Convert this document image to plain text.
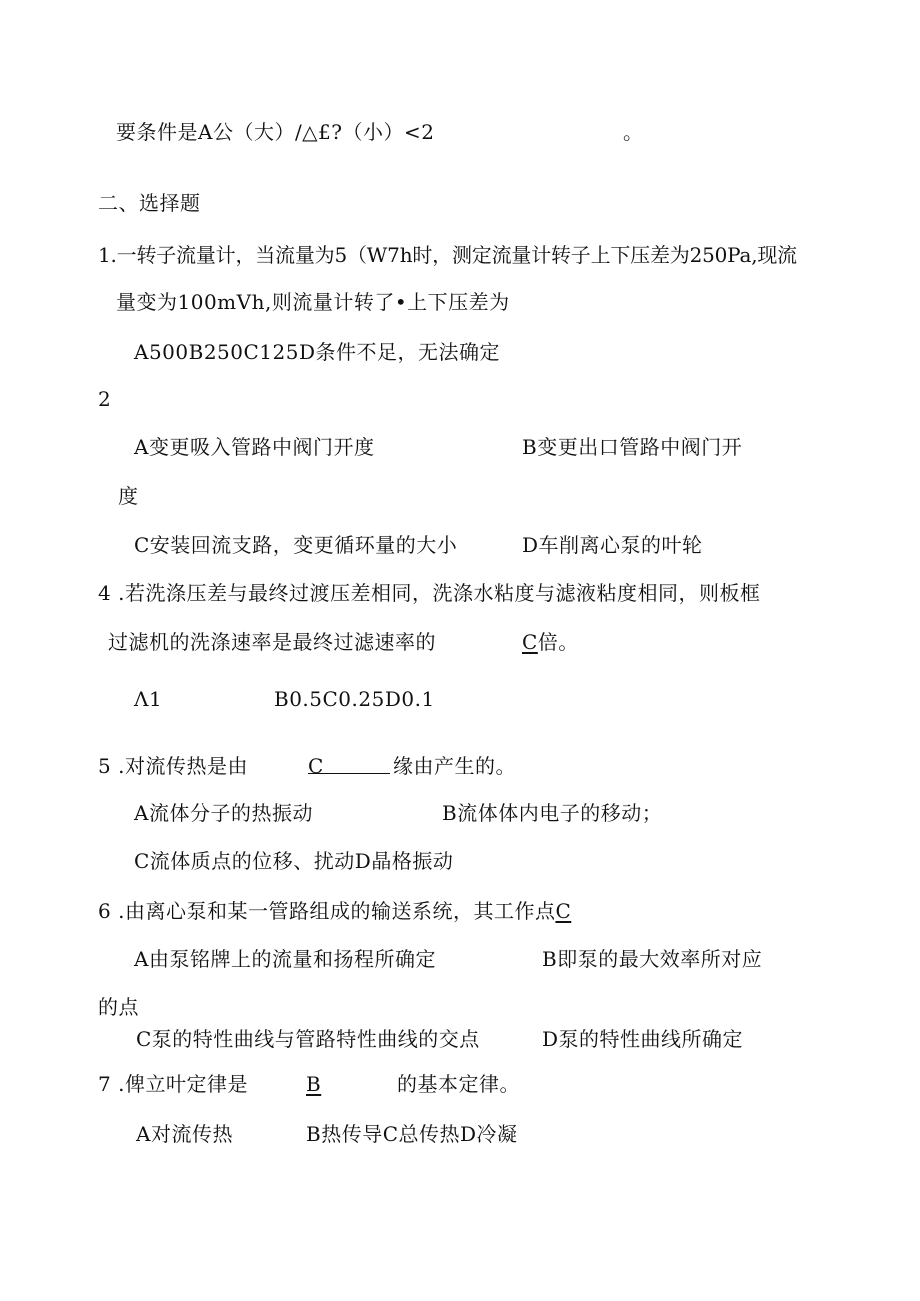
要条件是A公（大）/△£?（小）<2	。
二、选择题
1.一转子流量计，当流量为5（W7h时，测定流量计转子上下压差为250Pa,现流
量变为100mVh,则流量计转了•上下压差为
A500B250C125D条件不足，无法确定
2
A变更吸入管路中阀门开度	B变更出口管路中阀门开
度
C安装回流支路，变更循环量的大小	D车削离心泵的叶轮
4 .若洗涤压差与最终过渡压差相同，洗涤水粘度与滤液粘度相同，则板框
过滤机的洗涤速率是最终过滤速率的	C倍。
Λ1	B0.5C0.25D0.1
5 .对流传热是由	C	缘由产生的。
A流体分子的热振动	B流体体内电子的移动；
C流体质点的位移、扰动D晶格振动
6 .由离心泵和某一管路组成的输送系统，其工作点C
A由泵铭牌上的流量和扬程所确定	B即泵的最大效率所对应
的点
C泵的特性曲线与管路特性曲线的交点	D泵的特性曲线所确定
7 .俾立叶定律是	B	的基本定律。
A对流传热	B热传导C总传热D冷凝
